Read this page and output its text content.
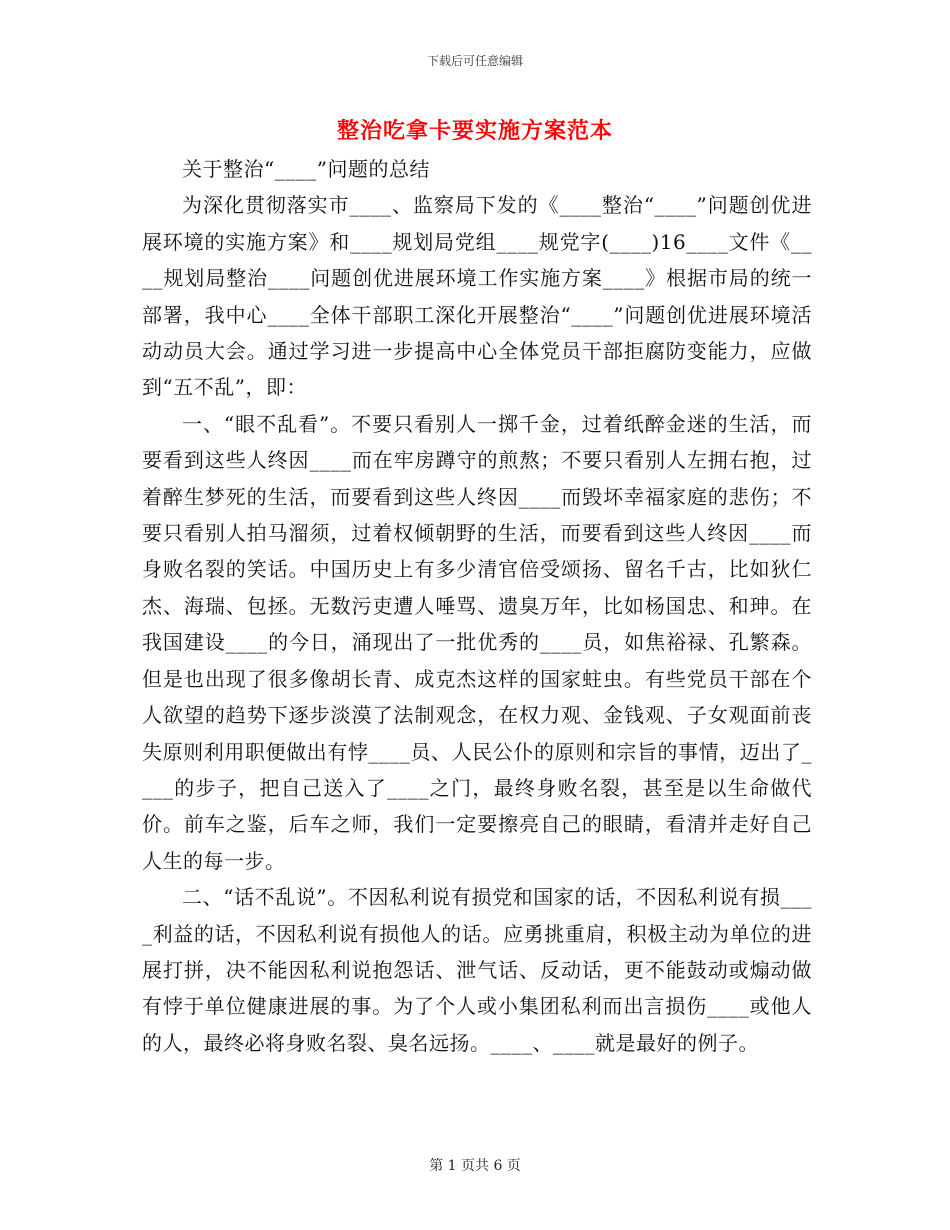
下载后可任意编辑
整治吃拿卡要实施方案范本

关于整治“____”问题的总结

为深化贯彻落实市____、监察局下发的《____整治“____”问题创优进展环境的实施方案》和____规划局党组____规党字(____)16____文件《____规划局整治____问题创优进展环境工作实施方案____》根据市局的统一部署，我中心____全体干部职工深化开展整治“____”问题创优进展环境活动动员大会。通过学习进一步提高中心全体党员干部拒腐防变能力，应做到“五不乱”，即：

一、“眼不乱看”。不要只看别人一掷千金，过着纸醉金迷的生活，而要看到这些人终因____而在牢房蹲守的煎熬；不要只看别人左拥右抱，过着醉生梦死的生活，而要看到这些人终因____而毁坏幸福家庭的悲伤；不要只看别人拍马溜须，过着权倾朝野的生活，而要看到这些人终因____而身败名裂的笑话。中国历史上有多少清官倍受颂扬、留名千古，比如狄仁杰、海瑞、包拯。无数污吏遭人唾骂、遗臭万年，比如杨国忠、和珅。在我国建设____的今日，涌现出了一批优秀的____员，如焦裕禄、孔繁森。但是也出现了很多像胡长青、成克杰这样的国家蛀虫。有些党员干部在个人欲望的趋势下逐步淡漠了法制观念，在权力观、金钱观、子女观面前丧失原则利用职便做出有悖____员、人民公仆的原则和宗旨的事情，迈出了____的步子，把自己送入了____之门，最终身败名裂，甚至是以生命做代价。前车之鉴，后车之师，我们一定要擦亮自己的眼睛，看清并走好自己人生的每一步。

二、“话不乱说”。不因私利说有损党和国家的话，不因私利说有损____利益的话，不因私利说有损他人的话。应勇挑重肩，积极主动为单位的进展打拼，决不能因私利说抱怨话、泄气话、反动话，更不能鼓动或煽动做有悖于单位健康进展的事。为了个人或小集团私利而出言损伤____或他人的人，最终必将身败名裂、臭名远扬。____、____就是最好的例子。

第 1 页共 6 页
